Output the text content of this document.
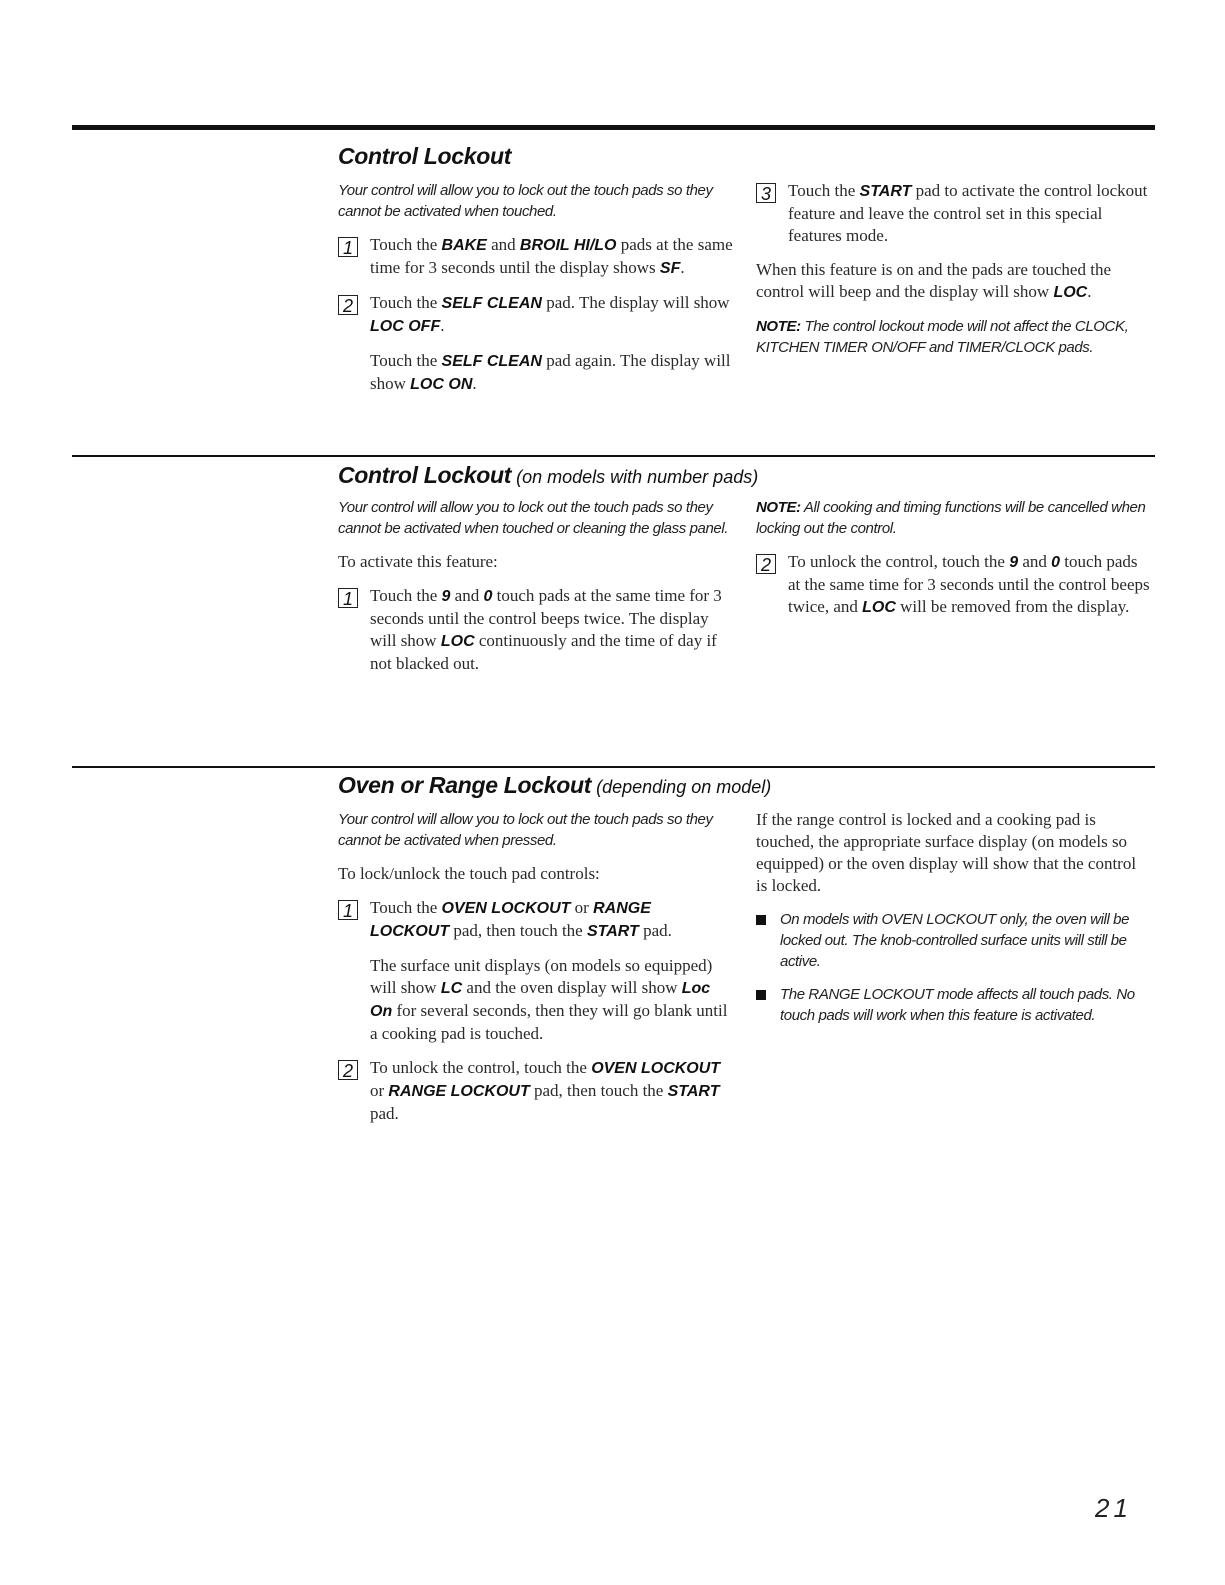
Control Lockout
Your control will allow you to lock out the touch pads so they cannot be activated when touched.
1 Touch the BAKE and BROIL HI/LO pads at the same time for 3 seconds until the display shows SF.
2 Touch the SELF CLEAN pad. The display will show LOC OFF.
Touch the SELF CLEAN pad again. The display will show LOC ON.
3 Touch the START pad to activate the control lockout feature and leave the control set in this special features mode.

When this feature is on and the pads are touched the control will beep and the display will show LOC.

NOTE: The control lockout mode will not affect the CLOCK, KITCHEN TIMER ON/OFF and TIMER/CLOCK pads.
Control Lockout (on models with number pads)
Your control will allow you to lock out the touch pads so they cannot be activated when touched or cleaning the glass panel.

To activate this feature:

1 Touch the 9 and 0 touch pads at the same time for 3 seconds until the control beeps twice. The display will show LOC continuously and the time of day if not blacked out.
NOTE: All cooking and timing functions will be cancelled when locking out the control.
2 To unlock the control, touch the 9 and 0 touch pads at the same time for 3 seconds until the control beeps twice, and LOC will be removed from the display.
Oven or Range Lockout (depending on model)
Your control will allow you to lock out the touch pads so they cannot be activated when pressed.

To lock/unlock the touch pad controls:

1 Touch the OVEN LOCKOUT or RANGE LOCKOUT pad, then touch the START pad.
The surface unit displays (on models so equipped) will show LC and the oven display will show Loc On for several seconds, then they will go blank until a cooking pad is touched.
2 To unlock the control, touch the OVEN LOCKOUT or RANGE LOCKOUT pad, then touch the START pad.

If the range control is locked and a cooking pad is touched, the appropriate surface display (on models so equipped) or the oven display will show that the control is locked.

On models with OVEN LOCKOUT only, the oven will be locked out. The knob-controlled surface units will still be active.
The RANGE LOCKOUT mode affects all touch pads. No touch pads will work when this feature is activated.
21
